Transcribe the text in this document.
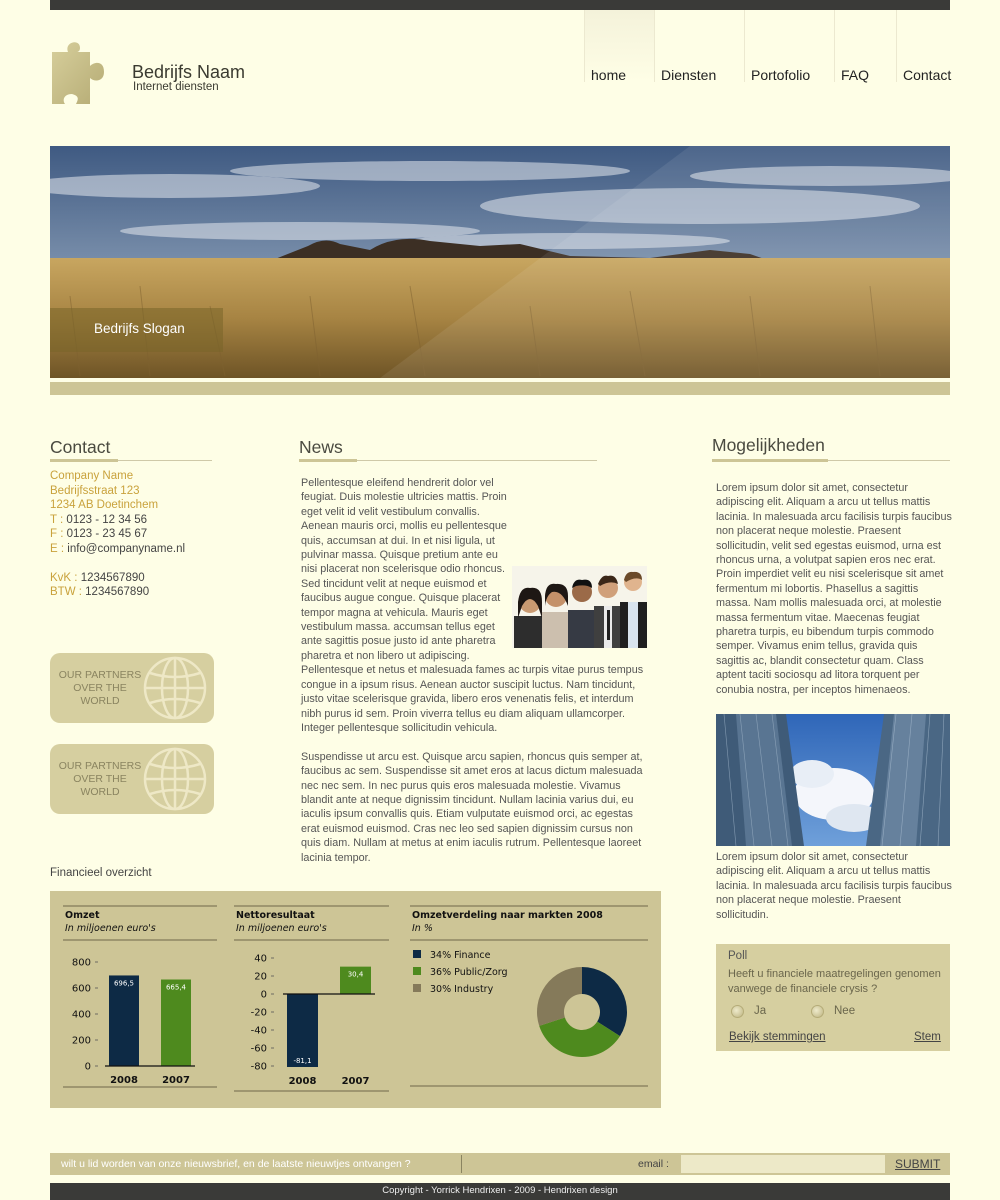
Bedrijfs Naam
Internet diensten
home Diensten Portofolio FAQ Contact
Bedrijfs Slogan
Contact
Company Name
Bedrijfsstraat 123
1234 AB Doetinchem
T : 0123 - 12 34 56
F : 0123 - 23 45 67
E : info@companyname.nl
KvK : 1234567890
BTW : 1234567890
OUR PARTNERS
OVER THE
WORLD
OUR PARTNERS
OVER THE
WORLD
News

Pellentesque eleifend hendrerit dolor vel feugiat. Duis molestie ultricies mattis. Proin eget velit id velit vestibulum convallis. Aenean mauris orci, mollis eu pellentesque quis, accumsan at dui. In et nisi ligula, ut pulvinar massa. Quisque pretium ante eu nisi placerat non scelerisque odio rhoncus. Sed tincidunt velit at neque euismod et faucibus augue congue. Quisque placerat tempor magna at vehicula. Mauris eget vestibulum massa. accumsan tellus eget ante sagittis posue justo id ante pharetra pharetra et non libero ut adipiscing. Pellentesque et netus et malesuada fames ac turpis vitae purus tempus congue in a ipsum risus. Aenean auctor suscipit luctus. Nam tincidunt, justo vitae scelerisque gravida, libero eros venenatis felis, et interdum nibh purus id sem. Proin viverra tellus eu diam aliquam ullamcorper. Integer pellentesque sollicitudin vehicula.

Suspendisse ut arcu est. Quisque arcu sapien, rhoncus quis semper at, faucibus ac sem. Suspendisse sit amet eros at lacus dictum malesuada nec nec sem. In nec purus quis eros malesuada molestie. Vivamus blandit ante at neque dignissim tincidunt. Nullam lacinia varius dui, eu iaculis ipsum convallis quis. Etiam vulputate euismod orci, ac egestas erat euismod euismod. Cras nec leo sed sapien dignissim cursus non quis diam. Nullam at metus at enim iaculis rutrum. Pellentesque laoreet lacinia tempor.

Mogelijkheden
Lorem ipsum dolor sit amet, consectetur adipiscing elit. Aliquam a arcu ut tellus mattis lacinia. In malesuada arcu facilisis turpis faucibus non placerat neque molestie. Praesent sollicitudin, velit sed egestas euismod, urna est rhoncus urna, a volutpat sapien eros nec erat. Proin imperdiet velit eu nisi scelerisque sit amet fermentum mi lobortis. Phasellus a sagittis massa. Nam mollis malesuada orci, at molestie massa fermentum vitae. Maecenas feugiat pharetra turpis, eu bibendum turpis commodo semper. Vivamus enim tellus, gravida quis sagittis ac, blandit consectetur quam. Class aptent taciti sociosqu ad litora torquent per conubia nostra, per inceptos himenaeos.
Lorem ipsum dolor sit amet, consectetur adipiscing elit. Aliquam a arcu ut tellus mattis lacinia. In malesuada arcu facilisis turpis faucibus non placerat neque molestie. Praesent sollicitudin.
Poll
Heeft u financiele maatregelingen genomen vanwege de financiele crysis ?
Ja	Nee
Bekijk stemmingen	Stem
Financieel overzicht
Omzet
In miljoenen euro's
800
600
400
200
0
696,5
2008
665,4
2007
Nettoresultaat
In miljoenen euro's
40
20
0
-20
-40
-60
-80
-81,1
2008
30,4
2007
Omzetverdeling naar markten 2008
In %
34% Finance
36% Public/Zorg
30% Industry
wilt u lid worden van onze nieuwsbrief, en de laatste nieuwtjes ontvangen ?	email :	SUBMIT
Copyright - Yorrick Hendrixen - 2009 - Hendrixen design
